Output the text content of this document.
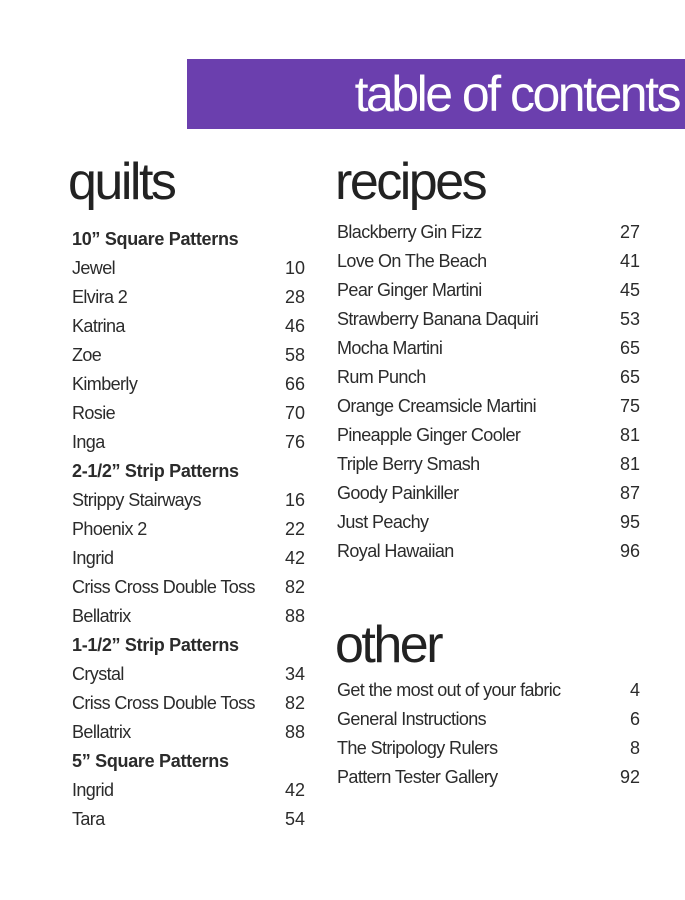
table of contents
quilts	recipes
other
10” Square Patterns
Jewel	10
Elvira 2	28
Katrina	46
Zoe	58
Kimberly	66
Rosie	70
Inga	76
2-1/2” Strip Patterns
Strippy Stairways	16
Phoenix 2	22
Ingrid	42
Criss Cross Double Toss 82
Bellatrix	88
1-1/2” Strip Patterns
Crystal	34
Criss Cross Double Toss 82
Bellatrix	88
5” Square Patterns
Ingrid	42
Tara	54
Blackberry Gin Fizz	27
Love On The Beach	41
Pear Ginger Martini	45
Strawberry Banana Daquiri	53
Mocha Martini	65
Rum Punch	65
Orange Creamsicle Martini	75
Pineapple Ginger Cooler	81
Triple Berry Smash	81
Goody Painkiller	87
Just Peachy	95
Royal Hawaiian	96
Get the most out of your fabric	4
General Instructions	6
The Stripology Rulers	8
Pattern Tester Gallery	92
